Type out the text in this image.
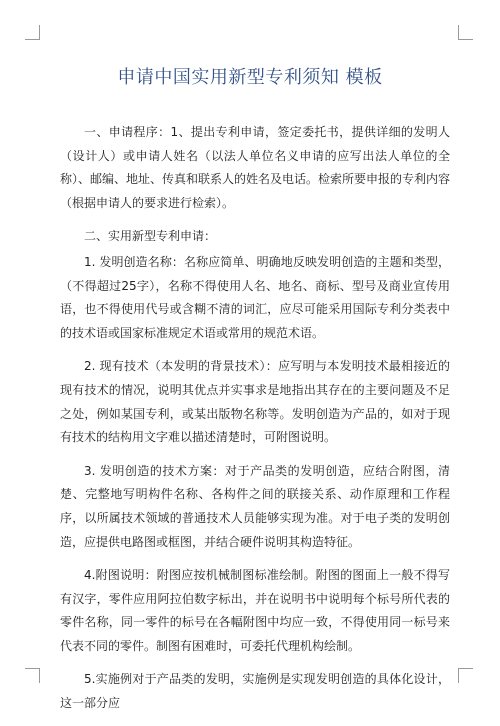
申请中国实用新型专利须知 模板

一、申请程序：1、提出专利申请，签定委托书，提供详细的发明人（设计人）或申请人姓名（以法人单位名义申请的应写出法人单位的全称）、邮编、地址、传真和联系人的姓名及电话。检索所要申报的专利内容（根据申请人的要求进行检索）。

二、实用新型专利申请：

1. 发明创造名称：名称应简单、明确地反映发明创造的主题和类型，（不得超过25字），名称不得使用人名、地名、商标、型号及商业宣传用语，也不得使用代号或含糊不清的词汇，应尽可能采用国际专利分类表中的技术语或国家标准规定术语或常用的规范术语。

2. 现有技术（本发明的背景技术）：应写明与本发明技术最相接近的现有技术的情况，说明其优点并实事求是地指出其存在的主要问题及不足之处，例如某国专利，或某出版物名称等。发明创造为产品的，如对于现有技术的结构用文字难以描述清楚时，可附图说明。

3. 发明创造的技术方案：对于产品类的发明创造，应结合附图，清楚、完整地写明构件名称、各构件之间的联接关系、动作原理和工作程序，以所属技术领域的普通技术人员能够实现为准。对于电子类的发明创造，应提供电路图或框图，并结合硬件说明其构造特征。

4.附图说明：附图应按机械制图标准绘制。附图的图面上一般不得写有汉字，零件应用阿拉伯数字标出，并在说明书中说明每个标号所代表的零件名称，同一零件的标号在各幅附图中均应一致，不得使用同一标号来代表不同的零件。制图有困难时，可委托代理机构绘制。

5.实施例对于产品类的发明，实施例是实现发明创造的具体化设计，这一部分应
